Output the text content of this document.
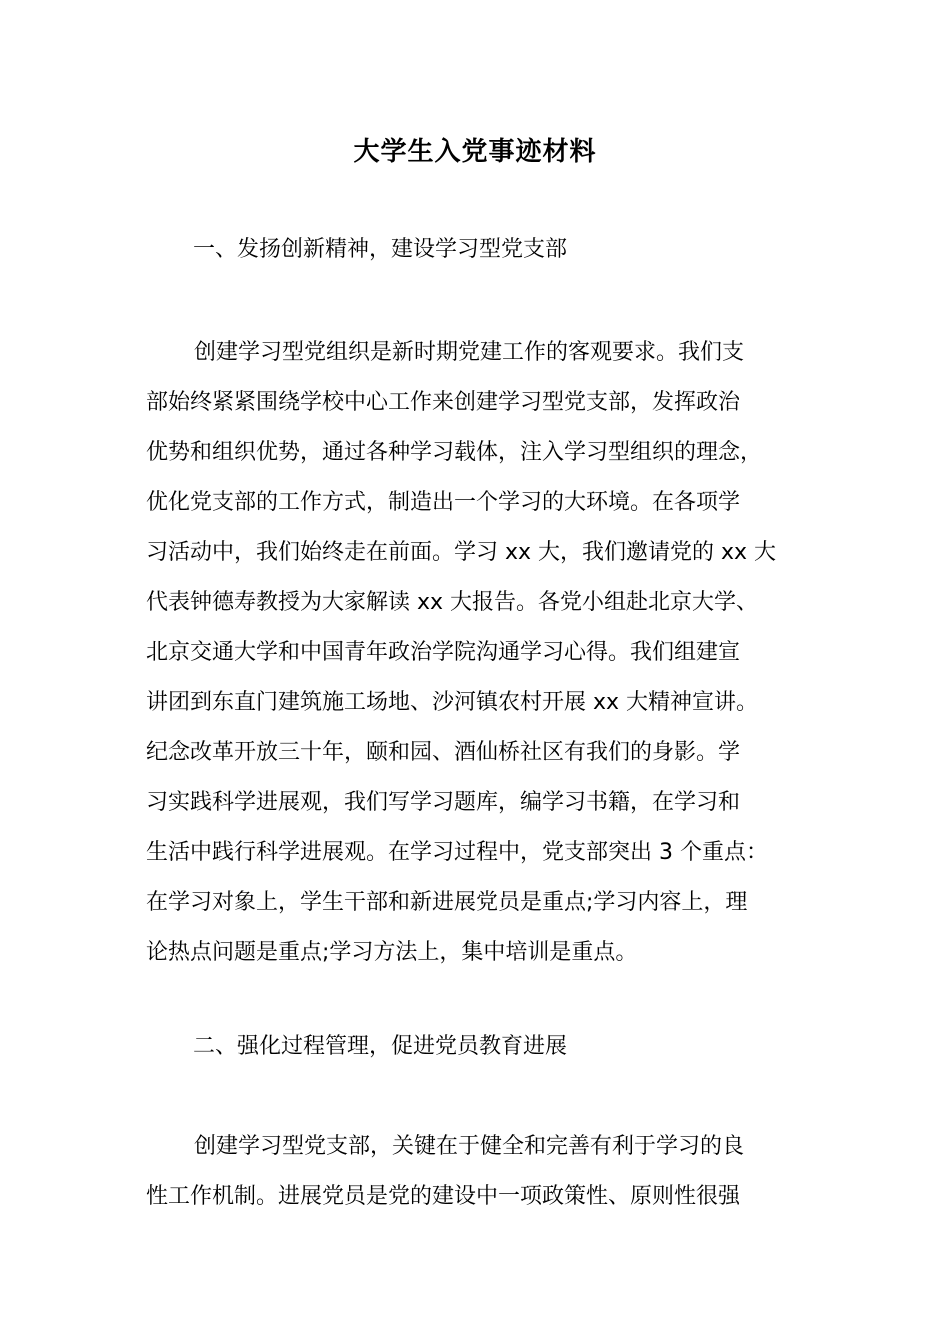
大学生入党事迹材料
一、发扬创新精神，建设学习型党支部
创建学习型党组织是新时期党建工作的客观要求。我们支
部始终紧紧围绕学校中心工作来创建学习型党支部，发挥政治
优势和组织优势，通过各种学习载体，注入学习型组织的理念，
优化党支部的工作方式，制造出一个学习的大环境。在各项学
习活动中，我们始终走在前面。学习 xx 大，我们邀请党的 xx 大
代表钟德寿教授为大家解读 xx 大报告。各党小组赴北京大学、
北京交通大学和中国青年政治学院沟通学习心得。我们组建宣
讲团到东直门建筑施工场地、沙河镇农村开展 xx 大精神宣讲。
纪念改革开放三十年，颐和园、酒仙桥社区有我们的身影。学
习实践科学进展观，我们写学习题库，编学习书籍，在学习和
生活中践行科学进展观。在学习过程中，党支部突出 3 个重点：
在学习对象上，学生干部和新进展党员是重点;学习内容上，理
论热点问题是重点;学习方法上，集中培训是重点。
二、强化过程管理，促进党员教育进展
创建学习型党支部，关键在于健全和完善有利于学习的良
性工作机制。进展党员是党的建设中一项政策性、原则性很强
